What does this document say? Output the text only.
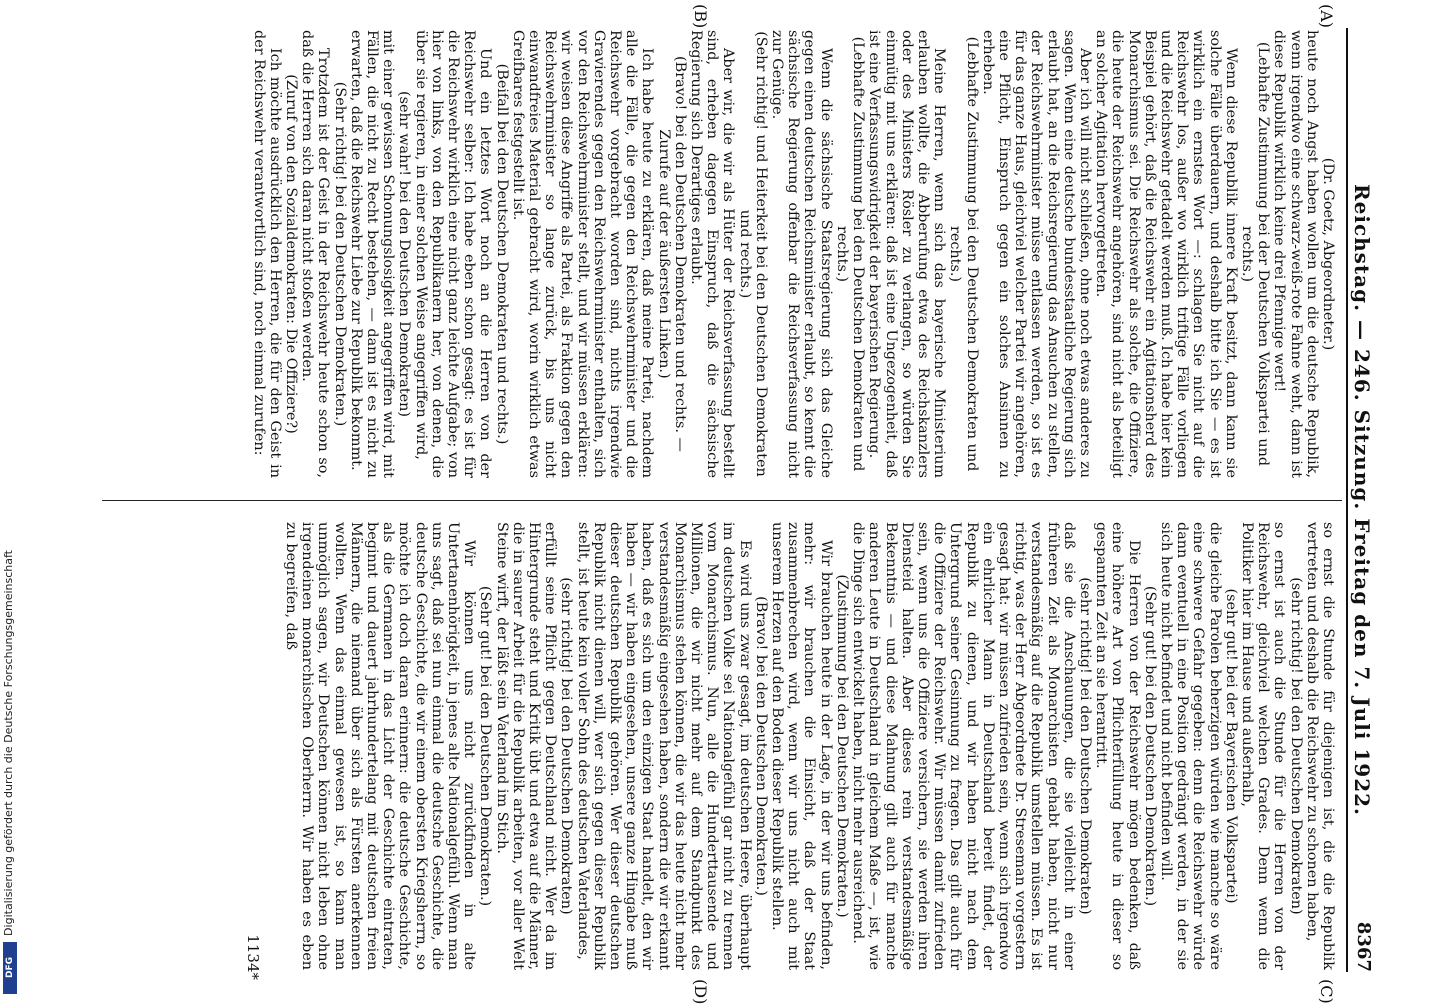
Reichstag. — 246. Sitzung. Freitag den 7. Juli 1922.
8367
(A)
(B)
(C)
(D)

(Dr. Goetz, Abgeordneter.)

heute noch Angst haben wollen um die deutsche Republik, wenn irgendwo eine schwarz-weiß-rote Fahne weht, dann ist diese Republik wirklich keine drei Pfennige wert!

(Lebhafte Zustimmung bei der Deutschen Volkspartei und rechts.)

Wenn diese Republik innere Kraft besitzt, dann kann sie solche Fälle überdauern, und deshalb bitte ich Sie — es ist wirklich ein ernstes Wort —: schlagen Sie nicht auf die Reichswehr los, außer wo wirklich triftige Fälle vorliegen und die Reichswehr getadelt werden muß. Ich habe hier kein Beispiel gehört, daß die Reichswehr ein Agitationsherd des Monarchismus sei. Die Reichswehr als solche, die Offiziere, die heute der Reichswehr angehören, sind nicht als beteiligt an solcher Agitation hervorgetreten.

Aber ich will nicht schließen, ohne noch etwas anderes zu sagen. Wenn eine deutsche bundesstaatliche Regierung sich erlaubt hat, an die Reichsregierung das Ansuchen zu stellen, der Reichswehrminister müsse entlassen werden, so ist es für das ganze Haus, gleichviel welcher Partei wir angehören, eine Pflicht, Einspruch gegen ein solches Ansinnen zu erheben.

(Lebhafte Zustimmung bei den Deutschen Demokraten und rechts.)

Meine Herren, wenn sich das bayerische Ministerium erlauben wollte, die Abberufung etwa des Reichskanzlers oder des Ministers Rösler zu verlangen, so würden Sie einmütig mit uns erklären: daß ist eine Ungezogenheit, daß ist eine Verfassungswidrigkeit der bayerischen Regierung.

(Lebhafte Zustimmung bei den Deutschen Demokraten und rechts.)

Wenn die sächsische Staatsregierung sich das Gleiche gegen einen deutschen Reichsminister erlaubt, so kennt die sächsische Regierung offenbar die Reichsverfassung nicht zur Genüge.

(Sehr richtig! und Heiterkeit bei den Deutschen Demokraten und rechts.)

Aber wir, die wir als Hüter der Reichsverfassung bestellt sind, erheben dagegen Einspruch, daß die sächsische Regierung sich Derartiges erlaubt.

(Bravo! bei den Deutschen Demokraten und rechts. — Zurufe auf der äußersten Linken.)

Ich habe heute zu erklären, daß meine Partei, nachdem alle die Fälle, die gegen den Reichswehrminister und die Reichswehr vorgebracht worden sind, nichts irgendwie Gravierendes gegen den Reichswehrminister enthalten, sich vor den Reichswehrminister stellt, und wir müssen erklären: wir weisen diese Angriffe als Partei, als Fraktion gegen den Reichswehrminister so lange zurück, bis uns nicht einwandfreies Material gebracht wird, worin wirklich etwas Greifbares festgestellt ist.

(Beifall bei den Deutschen Demokraten und rechts.)

Und ein letztes Wort noch an die Herren von der Reichswehr selber: Ich habe eben schon gesagt: es ist für die Reichswehr wirklich eine nicht ganz leichte Aufgabe; von hier von links, von den Republikanern her, von denen, die über sie regieren, in einer solchen Weise angegriffen wird,

(sehr wahr! bei den Deutschen Demokraten)

mit einer gewissen Schonungslosigkeit angegriffen wird, mit Fällen, die nicht zu Recht bestehen, — dann ist es nicht zu erwarten, daß die Reichswehr Liebe zur Republik bekommt.

(Sehr richtig! bei den Deutschen Demokraten.)

Trotzdem ist der Geist in der Reichswehr heute schon so, daß die Herren sich daran nicht stoßen werden.

(Zuruf von den Sozialdemokraten: Die Offiziere?)

Ich möchte ausdrücklich den Herren, die für den Geist in der Reichswehr verantwortlich sind, noch einmal zurufen:

so ernst die Stunde für diejenigen ist, die die Republik vertreten und deshalb die Reichswehr zu schonen haben,

(sehr richtig! bei den Deutschen Demokraten)

so ernst ist auch die Stunde für die Herren von der Reichswehr, gleichviel welchen Grades. Denn wenn die Politiker hier im Hause und außerhalb,

(sehr gut! bei der Bayerischen Volkspartei)

die gleiche Parolen beherzigen würden wie manche so wäre eine schwere Gefahr gegeben: denn die Reichswehr würde dann eventuell in eine Position gedrängt werden, in der sie sich heute nicht befindet und nicht befinden will.

(Sehr gut! bei den Deutschen Demokraten.)

Die Herren von der Reichswehr mögen bedenken, daß eine höhere Art von Pflichterfüllung heute in dieser so gespannten Zeit an sie herantritt.

(sehr richtig! bei den Deutschen Demokraten)

daß sie die Anschauungen, die sie vielleicht in einer früheren Zeit als Monarchisten gehabt haben, nicht nur verstandesmäßig auf die Republik umstellen müssen. Es ist richtig, was der Herr Abgeordnete Dr. Streseman vorgestern gesagt hat: wir müssen zufrieden sein, wenn sich irgendwo ein ehrlicher Mann in Deutschland bereit findet, der Republik zu dienen, und wir haben nicht nach dem Untergrund seiner Gesinnung zu fragen. Das gilt auch für die Offiziere der Reichswehr. Wir müssen damit zufrieden sein, wenn uns die Offiziere versichern, sie werden ihren Diensteid halten. Aber dieses rein verstandesmäßige Bekenntnis — und diese Mahnung gilt auch für manche anderen Leute in Deutschland in gleichem Maße —, ist, wie die Dinge sich entwickelt haben, nicht mehr ausreichend.

(Zustimmung bei den Deutschen Demokraten.)

Wir brauchen heute in der Lage, in der wir uns befinden, mehr: wir brauchen die Einsicht, daß der Staat zusammenbrechen wird, wenn wir uns nicht auch mit unserem Herzen auf den Boden dieser Republik stellen.

(Bravo! bei den Deutschen Demokraten.)

Es wird uns zwar gesagt, im deutschen Heere, überhaupt im deutschen Volke sei Nationalgefühl gar nicht zu trennen vom Monarchismus. Nun, alle die Hunderttausende und Millionen, die wir nicht mehr auf dem Standpunkt des Monarchismus stehen können, die wir das heute nicht mehr verstandesmäßig eingesehen haben, sondern die wir erkannt haben, daß es sich um den einzigen Staat handelt, den wir haben — wir haben eingesehen, unsere ganze Hingabe muß dieser deutschen Republik gehören. Wer dieser deutschen Republik nicht dienen will, wer sich gegen dieser Republik stellt, ist heute kein voller Sohn des deutschen Vaterlandes,

(sehr richtig! bei den Deutschen Demokraten)

erfüllt seine Pflicht gegen Deutschland nicht. Wer da im Hintergrunde steht und Kritik übt und etwa auf die Männer, die in saurer Arbeit für die Republik arbeiten, vor aller Welt Steine wirft, der läßt sein Vaterland im Stich.

(Sehr gut! bei den Deutschen Demokraten.)

Wir können uns nicht zurückfinden in alte Untertanenhörigkeit, in jenes alte Nationalgefühl. Wenn man uns sagt, daß sei nun einmal die deutsche Geschichte, die deutsche Geschichte, die wir einem obersten Kriegsherrn, so möchte ich doch daran erinnern: die deutsche Geschichte, als die Germanen in das Licht der Geschichte eintraten, beginnt und dauert jahrhundertelang mit deutschen freien Männern, die niemand über sich als Fürsten anerkennen wollten. Wenn das einmal gewesen ist, so kann man unmöglich sagen, wir Deutschen können nicht leben ohne irgendeinen monarchischen Oberherrn. Wir haben es eben zu begreifen, daß

1134*
Digitalisierung gefördert durch die Deutsche Forschungsgemeinschaft
DFG
